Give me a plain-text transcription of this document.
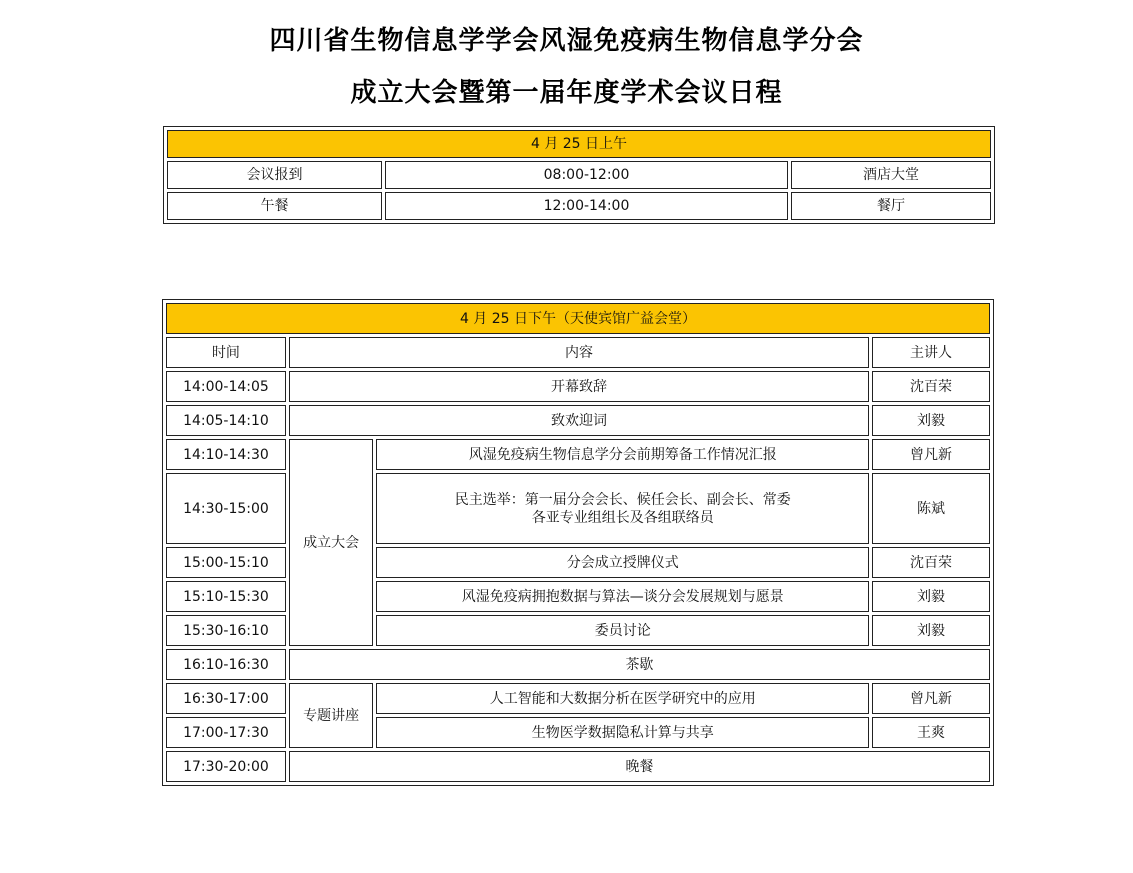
四川省生物信息学学会风湿免疫病生物信息学分会
成立大会暨第一届年度学术会议日程
4 月 25 日上午		
会议报到	08:00-12:00	酒店大堂
午餐	12:00-14:00	餐厅
4 月 25 日下午（天使宾馆广益会堂）			
时间	内容		主讲人
14:00-14:05	开幕致辞		沈百荣
14:05-14:10	致欢迎词		刘毅
14:10-14:30	成立大会	风湿免疫病生物信息学分会前期筹备工作情况汇报	曾凡新
14:30-15:00		民主选举：第一届分会会长、候任会长、副会长、常委
各亚专业组组长及各组联络员	陈斌
15:00-15:10		分会成立授牌仪式	沈百荣
15:10-15:30		风湿免疫病拥抱数据与算法—谈分会发展规划与愿景	刘毅
15:30-16:10		委员讨论	刘毅
16:10-16:30	茶歇		
16:30-17:00	专题讲座	人工智能和大数据分析在医学研究中的应用	曾凡新
17:00-17:30		生物医学数据隐私计算与共享	王爽
17:30-20:00	晚餐		
